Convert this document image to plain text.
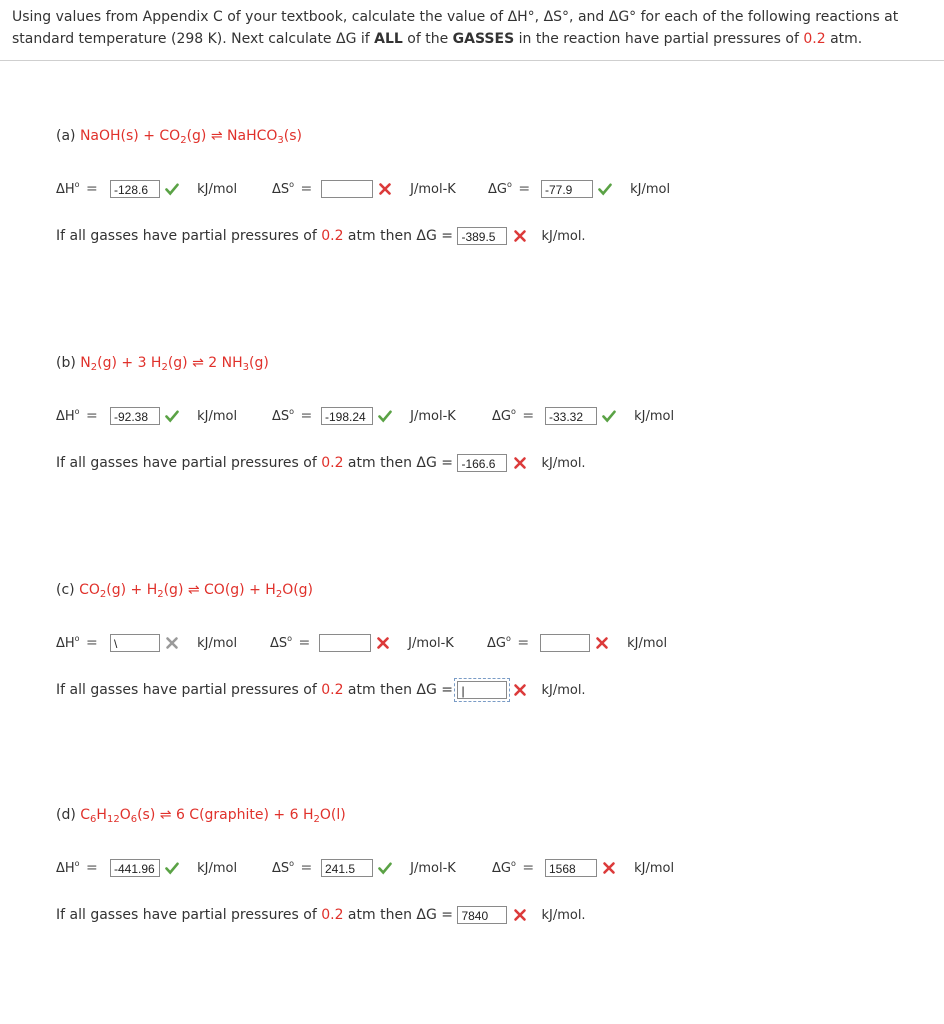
Using values from Appendix C of your textbook, calculate the value of ΔH°, ΔS°, and ΔG° for each of the following reactions at standard temperature (298 K). Next calculate ΔG if ALL of the GASSES in the reaction have partial pressures of 0.2 atm.
(a) NaOH(s) + $CO_2(g)$ ⇌ NaHCO$_3$(s)
$\Delta H^o$ =	-128.6	kJ/mol	$\Delta S^o$ =	J/mol-K $\Delta G^o$ =	-77.9	kJ/mol
If all gasses have partial pressures of 0.2 atm then ΔG = -389.5	kJ/mol.
(b) $N_2(g) + 3$ $H_2(g)$ ⇌ 2 $NH_3(g)$
$\Delta H^o$ =	-92.38	kJ/mol	$\Delta S^o$ =	-198.24	J/mol-K	$\Delta G^o$ =	-33.32	kJ/mol
If all gasses have partial pressures of 0.2 atm then ΔG = -166.6	kJ/mol.
(c) $CO_2(g) + H_2(g)$ ⇌ $CO(g) + H_2O(g)$
$\Delta H^o$ =	\	kJ/mol	$\Delta S^o$ =	J/mol-K	$\Delta G^o$ =	kJ/mol
If all gasses have partial pressures of 0.2 atm then ΔG = |	kJ/mol.
(d) $C_6H_{12}O_6(s)$ ⇌ 6 C(graphite) + 6 $H_2O(l)$
$\Delta H^o$ =	-441.96	kJ/mol	$\Delta S^o$ =	241.5	J/mol-K	$\Delta G^o$ =	1568	kJ/mol
If all gasses have partial pressures of 0.2 atm then ΔG = 7840	kJ/mol.
